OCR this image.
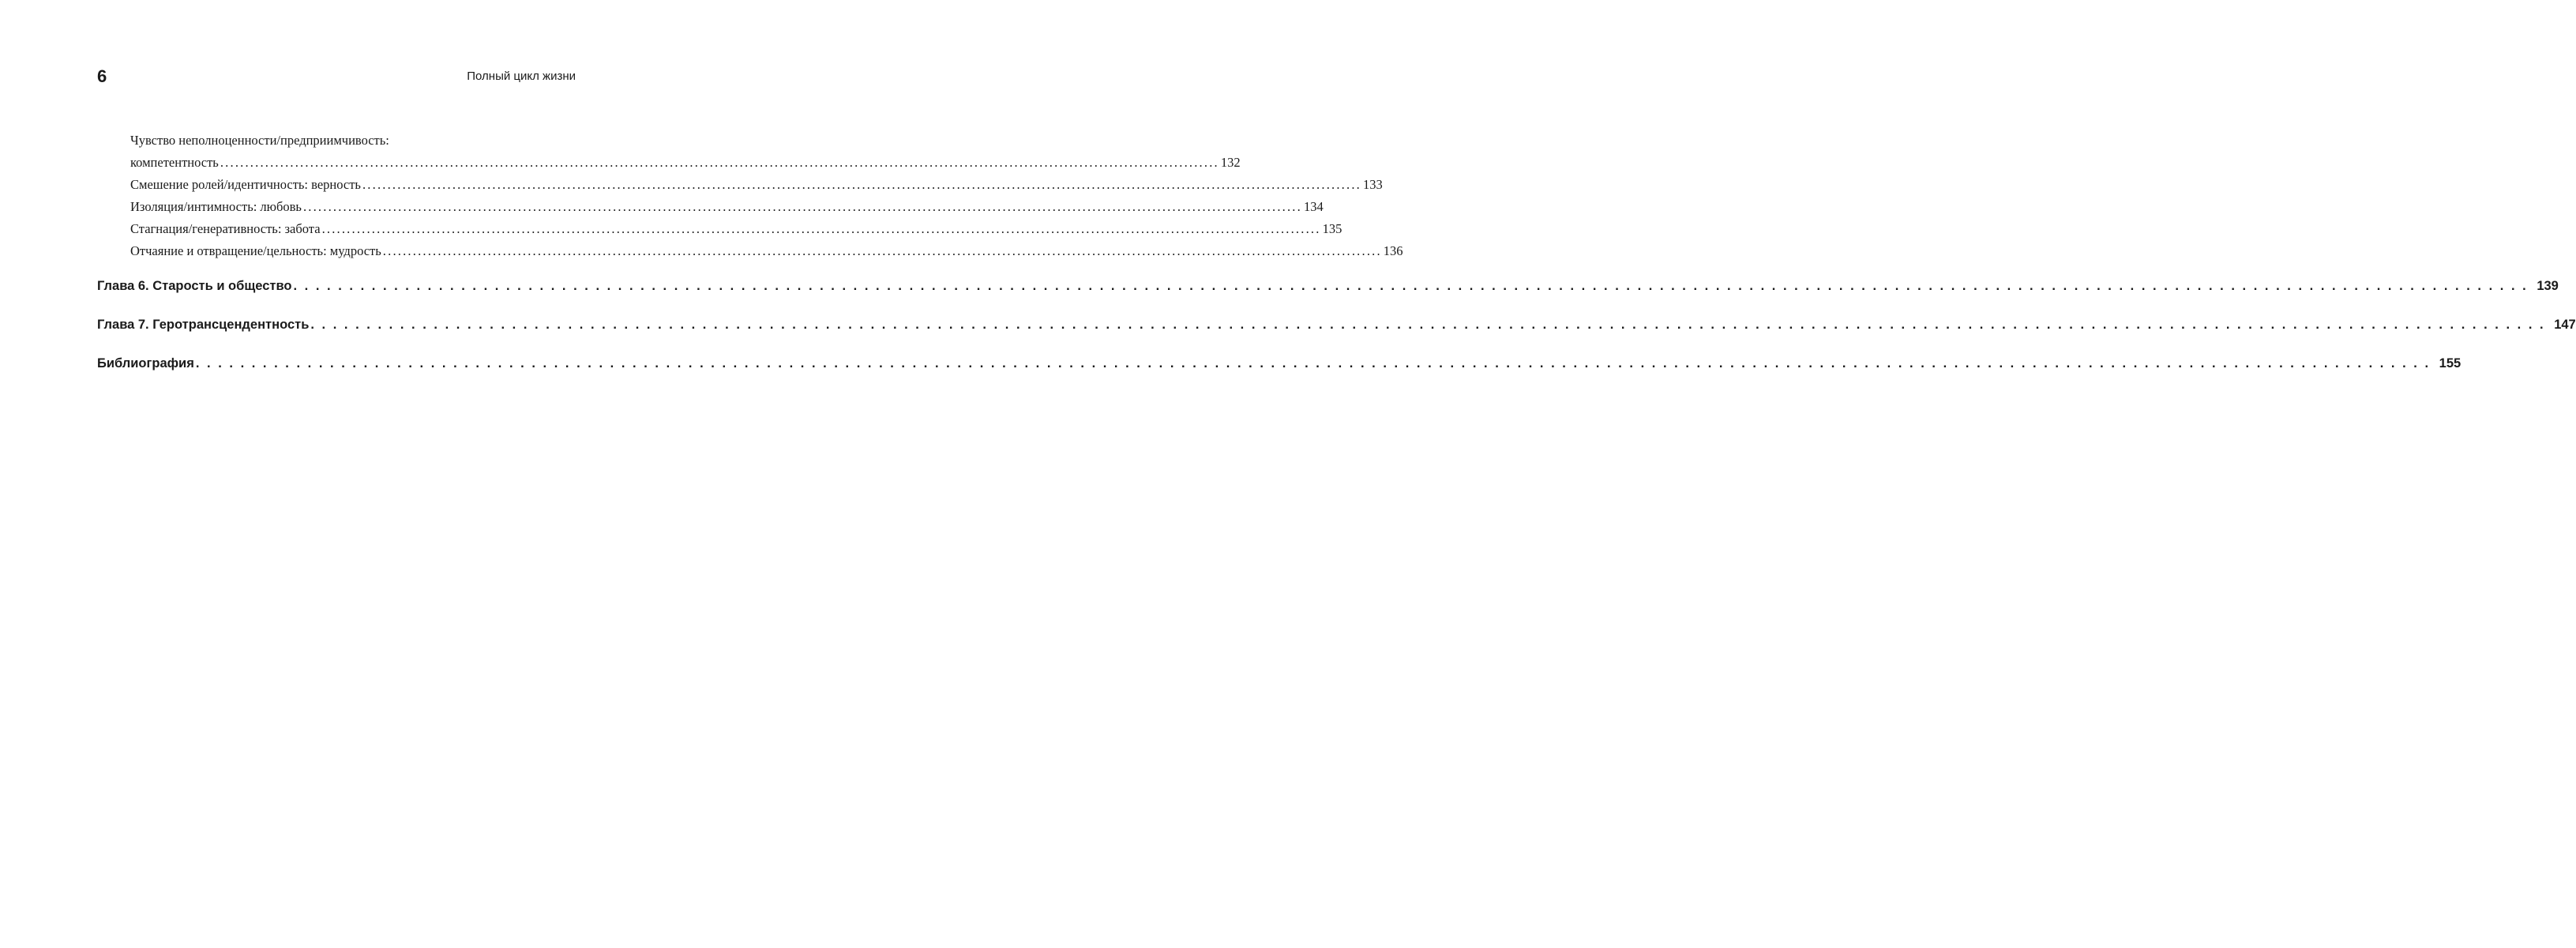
6	Полный цикл жизни
Чувство неполноценности/предприимчивость:
компетентность ........................................................................................................................................................................................................ 132
Смешение ролей/идентичность: верность ........................................................................................................................................................................................................ 133
Изоляция/интимность: любовь ........................................................................................................................................................................................................ 134
Стагнация/генеративность: забота ........................................................................................................................................................................................................ 135
Отчаяние и отвращение/цельность: мудрость ........................................................................................................................................................................................................ 136
Глава 6. Старость и общество ........................................................................................................................................................................................................ 139
Глава 7. Геротрансцендентность ........................................................................................................................................................................................................ 147
Библиография ........................................................................................................................................................................................................ 155
